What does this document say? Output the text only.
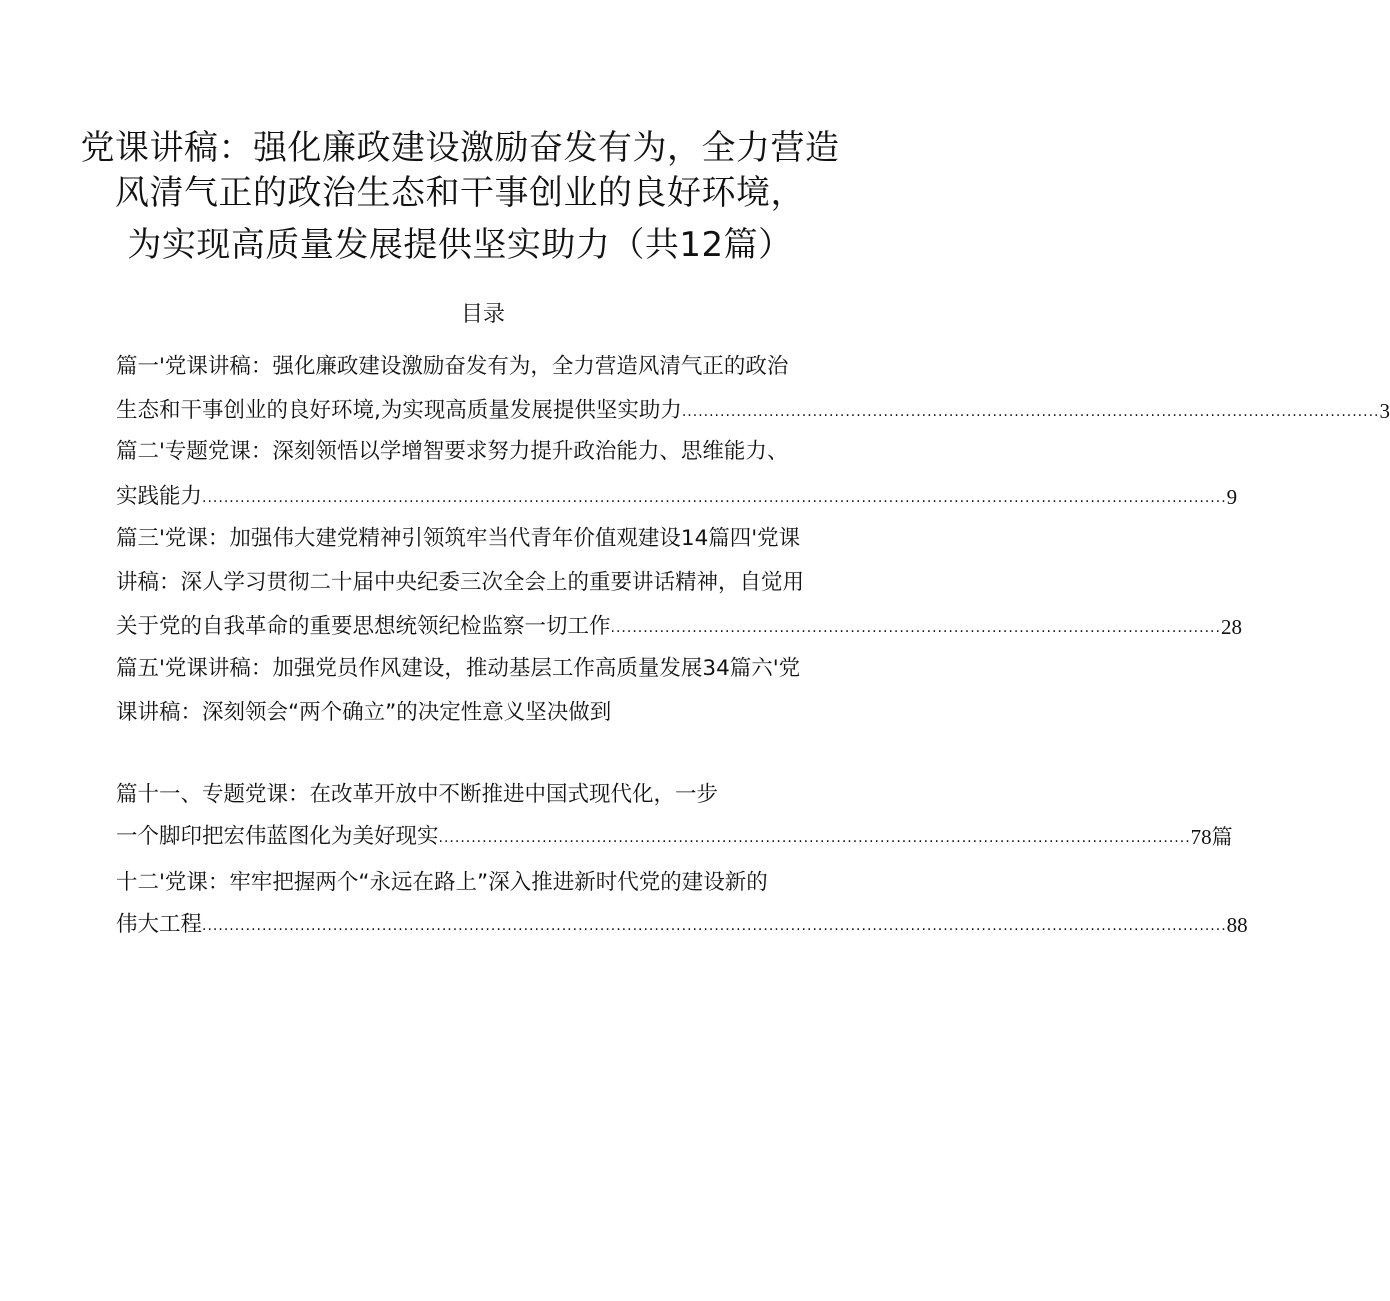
党课讲稿：强化廉政建设激励奋发有为，全力营造
风清气正的政治生态和干事创业的良好环境，
为实现高质量发展提供坚实助力（共12篇）
目录
篇一'党课讲稿：强化廉政建设激励奋发有为，全力营造风清气正的政治
生态和干事创业的良好环境,为实现高质量发展提供坚实助力 ................................................................................................................................ 3
篇二'专题党课：深刻领悟以学增智要求努力提升政治能力、思维能力、
实践能力 ............................................................................................................................................................................................ 9
篇三'党课：加强伟大建党精神引领筑牢当代青年价值观建设14篇四'党课
讲稿：深人学习贯彻二十届中央纪委三次全会上的重要讲话精神，自觉用
关于党的自我革命的重要思想统领纪检监察一切工作 ................................................................................................................ 28
篇五'党课讲稿：加强党员作风建设，推动基层工作高质量发展34篇六'党
课讲稿：深刻领会“两个确立”的决定性意义坚决做到
篇十一、专题党课：在改革开放中不断推进中国式现代化，一步
一个脚印把宏伟蓝图化为美好现实 .......................................................................................................................................... 78篇
十二'党课：牢牢把握两个“永远在路上”深入推进新时代党的建设新的
伟大工程 ............................................................................................................................................................................................ 88
